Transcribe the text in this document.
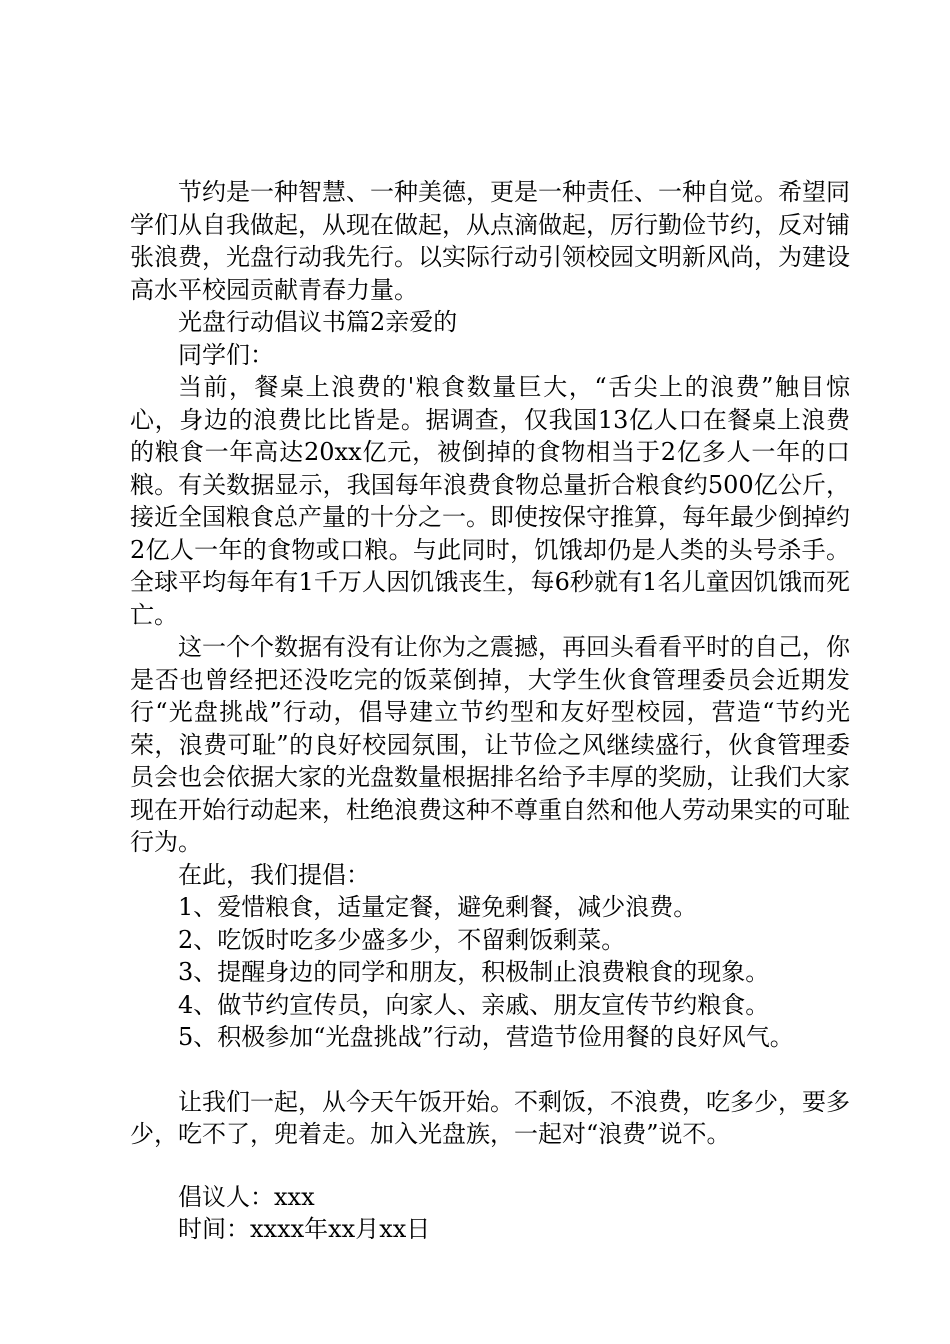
节约是一种智慧、一种美德，更是一种责任、一种自觉。希望同学们从自我做起，从现在做起，从点滴做起，厉行勤俭节约，反对铺张浪费，光盘行动我先行。以实际行动引领校园文明新风尚，为建设高水平校园贡献青春力量。

光盘行动倡议书篇2亲爱的

同学们：

当前，餐桌上浪费的'粮食数量巨大，“舌尖上的浪费”触目惊心，身边的浪费比比皆是。据调查，仅我国13亿人口在餐桌上浪费的粮食一年高达20xx亿元，被倒掉的食物相当于2亿多人一年的口粮。有关数据显示，我国每年浪费食物总量折合粮食约500亿公斤，接近全国粮食总产量的十分之一。即使按保守推算，每年最少倒掉约2亿人一年的食物或口粮。与此同时，饥饿却仍是人类的头号杀手。全球平均每年有1千万人因饥饿丧生，每6秒就有1名儿童因饥饿而死亡。

这一个个数据有没有让你为之震撼，再回头看看平时的自己，你是否也曾经把还没吃完的饭菜倒掉，大学生伙食管理委员会近期发行“光盘挑战”行动，倡导建立节约型和友好型校园，营造“节约光荣，浪费可耻”的良好校园氛围，让节俭之风继续盛行，伙食管理委员会也会依据大家的光盘数量根据排名给予丰厚的奖励，让我们大家现在开始行动起来，杜绝浪费这种不尊重自然和他人劳动果实的可耻行为。

在此，我们提倡：

1、爱惜粮食，适量定餐，避免剩餐，减少浪费。

2、吃饭时吃多少盛多少，不留剩饭剩菜。

3、提醒身边的同学和朋友，积极制止浪费粮食的现象。

4、做节约宣传员，向家人、亲戚、朋友宣传节约粮食。

5、积极参加“光盘挑战”行动，营造节俭用餐的良好风气。

让我们一起，从今天午饭开始。不剩饭，不浪费，吃多少，要多少，吃不了，兜着走。加入光盘族，一起对“浪费”说不。

倡议人：xxx

时间：xxxx年xx月xx日
